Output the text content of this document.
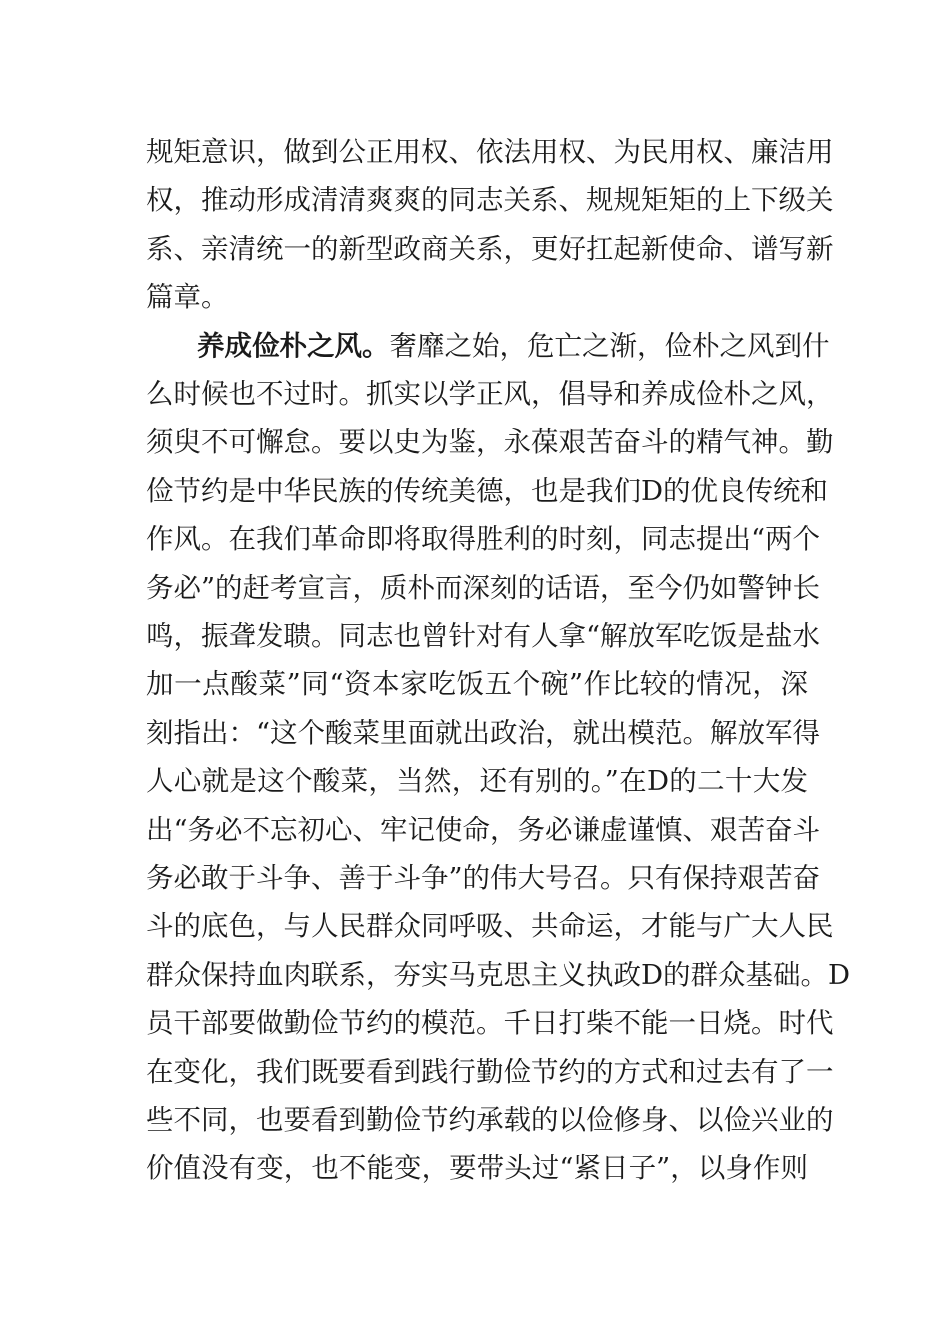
规矩意识，做到公正用权、依法用权、为民用权、廉洁用
权，推动形成清清爽爽的同志关系、规规矩矩的上下级关
系、亲清统一的新型政商关系，更好扛起新使命、谱写新
篇章。
养成俭朴之风。奢靡之始，危亡之渐，俭朴之风到什
么时候也不过时。抓实以学正风，倡导和养成俭朴之风，
须臾不可懈怠。要以史为鉴，永葆艰苦奋斗的精气神。勤
俭节约是中华民族的传统美德，也是我们D的优良传统和
作风。在我们革命即将取得胜利的时刻，同志提出“两个
务必”的赶考宣言，质朴而深刻的话语，至今仍如警钟长
鸣，振聋发聩。同志也曾针对有人拿“解放军吃饭是盐水
加一点酸菜”同“资本家吃饭五个碗”作比较的情况，深
刻指出：“这个酸菜里面就出政治，就出模范。解放军得
人心就是这个酸菜，当然，还有别的。”在D的二十大发
出“务必不忘初心、牢记使命，务必谦虚谨慎、艰苦奋斗
务必敢于斗争、善于斗争”的伟大号召。只有保持艰苦奋
斗的底色，与人民群众同呼吸、共命运，才能与广大人民
群众保持血肉联系，夯实马克思主义执政D的群众基础。D
员干部要做勤俭节约的模范。千日打柴不能一日烧。时代
在变化，我们既要看到践行勤俭节约的方式和过去有了一
些不同，也要看到勤俭节约承载的以俭修身、以俭兴业的
价值没有变，也不能变，要带头过“紧日子”，以身作则
